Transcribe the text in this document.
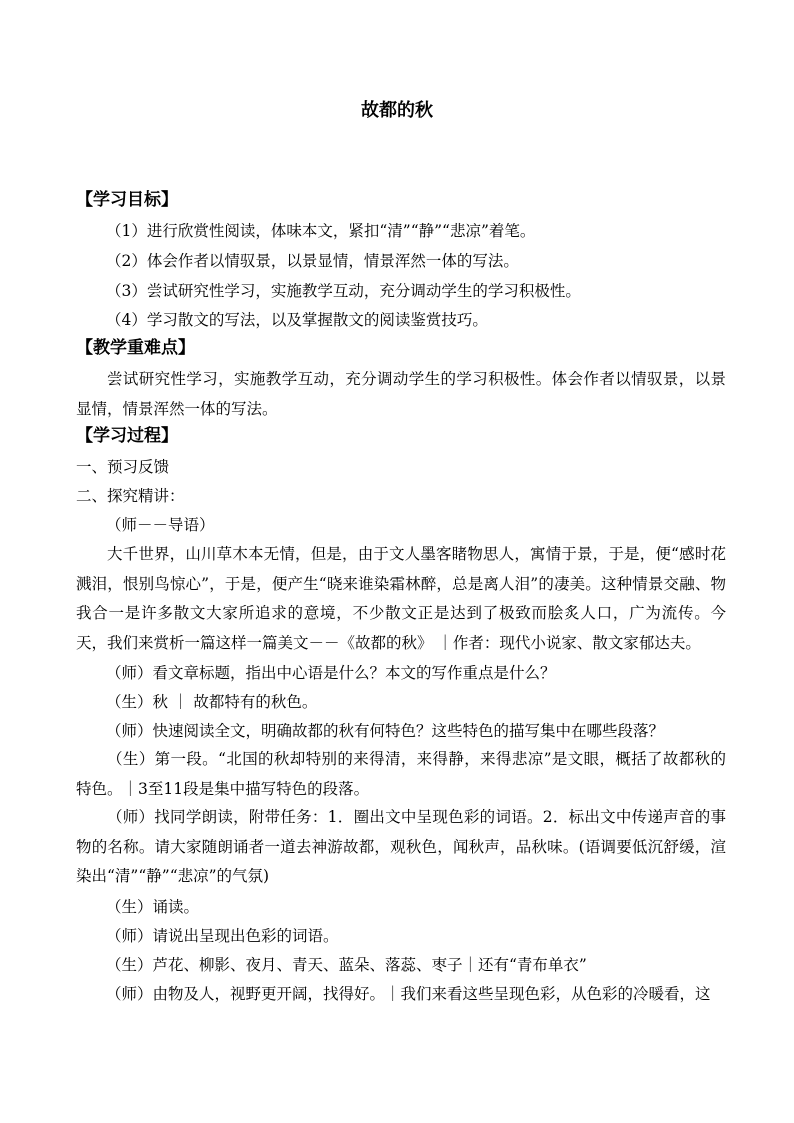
故都的秋
【学习目标】
（1）进行欣赏性阅读，体味本文，紧扣“清”“静”“悲凉”着笔。
（2）体会作者以情驭景，以景显情，情景浑然一体的写法。
（3）尝试研究性学习，实施教学互动，充分调动学生的学习积极性。
（4）学习散文的写法，以及掌握散文的阅读鉴赏技巧。
【教学重难点】
尝试研究性学习，实施教学互动，充分调动学生的学习积极性。体会作者以情驭景，以景显情，情景浑然一体的写法。
【学习过程】
一、预习反馈
二、探究精讲：
（师－－导语）
大千世界，山川草木本无情，但是，由于文人墨客睹物思人，寓情于景，于是，便“感时花溅泪，恨别鸟惊心”，于是，便产生“晓来谁染霜林醉，总是离人泪”的凄美。这种情景交融、物我合一是许多散文大家所追求的意境，不少散文正是达到了极致而脍炙人口，广为流传。今天，我们来赏析一篇这样一篇美文－－《故都的秋》 ｜作者：现代小说家、散文家郁达夫。
（师）看文章标题，指出中心语是什么？本文的写作重点是什么？
（生）秋 ｜ 故都特有的秋色。
（师）快速阅读全文，明确故都的秋有何特色？这些特色的描写集中在哪些段落？
（生）第一段。“北国的秋却特别的来得清，来得静，来得悲凉”是文眼，概括了故都秋的特色。｜3至11段是集中描写特色的段落。
（师）找同学朗读，附带任务：1．圈出文中呈现色彩的词语。2．标出文中传递声音的事物的名称。请大家随朗诵者一道去神游故都，观秋色，闻秋声，品秋味。(语调要低沉舒缓，渲染出“清”“静”“悲凉”的气氛)
（生）诵读。
（师）请说出呈现出色彩的词语。
（生）芦花、柳影、夜月、青天、蓝朵、落蕊、枣子｜还有“青布单衣”
（师）由物及人，视野更开阔，找得好。｜我们来看这些呈现色彩，从色彩的冷暖看，这
